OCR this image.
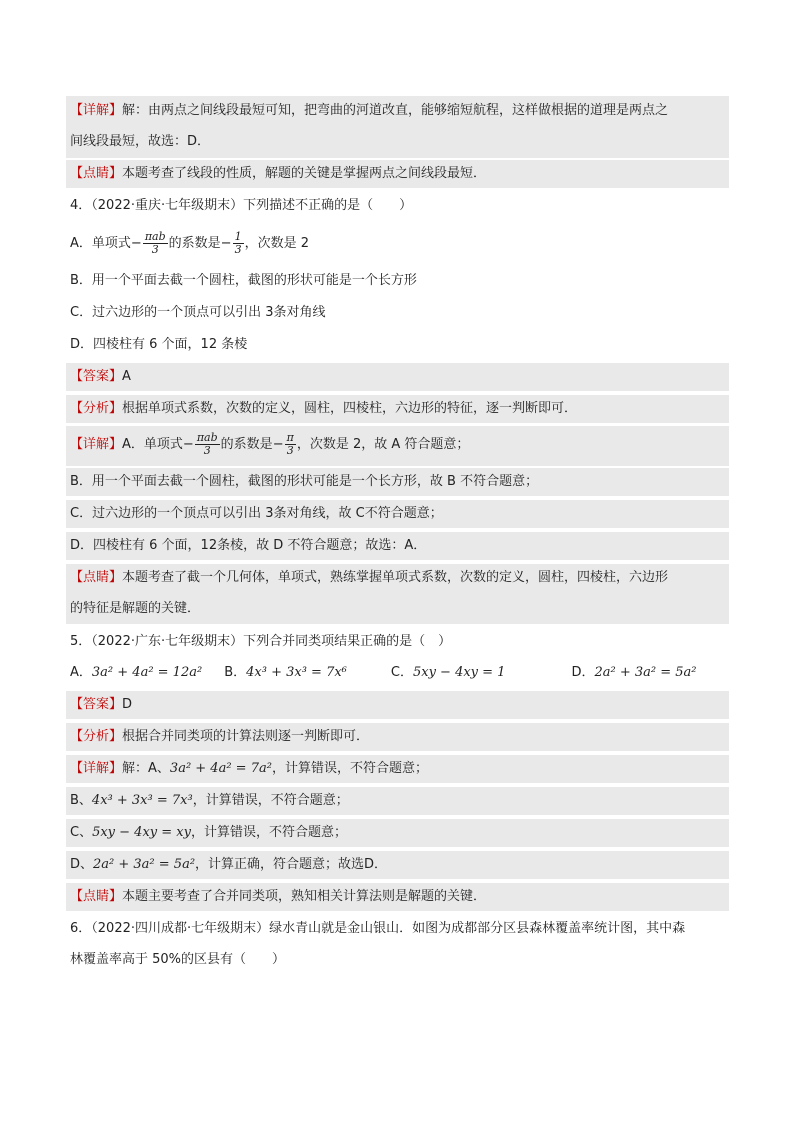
【详解】解：由两点之间线段最短可知，把弯曲的河道改直，能够缩短航程，这样做根据的道理是两点之
间线段最短，故选：D．
【点睛】本题考查了线段的性质，解题的关键是掌握两点之间线段最短．
4．（2022·重庆·七年级期末）下列描述不正确的是（　　）
A．单项式− $\frac{\text{πab}}{3}$ 的系数是− $\frac{1}{3}$ ，次数是 2
B．用一个平面去截一个圆柱，截图的形状可能是一个长方形
C．过六边形的一个顶点可以引出 3条对角线
D．四棱柱有 6 个面，12 条棱
【答案】A
【分析】根据单项式系数，次数的定义，圆柱，四棱柱，六边形的特征，逐一判断即可．
【详解】A．单项式− $\frac{\text{πab}}{3}$ 的系数是− $\frac{\pi}{3}$ ，次数是 2，故 A 符合题意；
B．用一个平面去截一个圆柱，截图的形状可能是一个长方形，故 B 不符合题意；
C．过六边形的一个顶点可以引出 3条对角线，故 C不符合题意；
D．四棱柱有 6 个面，12条棱，故 D 不符合题意；故选：A．
【点睛】本题考查了截一个几何体，单项式，熟练掌握单项式系数，次数的定义，圆柱，四棱柱，六边形
的特征是解题的关键．
5．（2022·广东·七年级期末）下列合并同类项结果正确的是（　）
A．3a² + 4a² = 12a² B．4x³ + 3x³ = 7x⁶	C．5xy − 4xy = 1	D．2a² + 3a² = 5a²
【答案】D
【分析】根据合并同类项的计算法则逐一判断即可．
【详解】解：A、3a² + 4a² = 7a²，计算错误，不符合题意；
B、4x³ + 3x³ = 7x³，计算错误，不符合题意；
C、5xy − 4xy = xy，计算错误，不符合题意；
D、2a² + 3a² = 5a²，计算正确，符合题意；故选D．
【点睛】本题主要考查了合并同类项，熟知相关计算法则是解题的关键．
6．（2022·四川成都·七年级期末）绿水青山就是金山银山．如图为成都部分区县森林覆盖率统计图，其中森
林覆盖率高于 50%的区县有（　　）
